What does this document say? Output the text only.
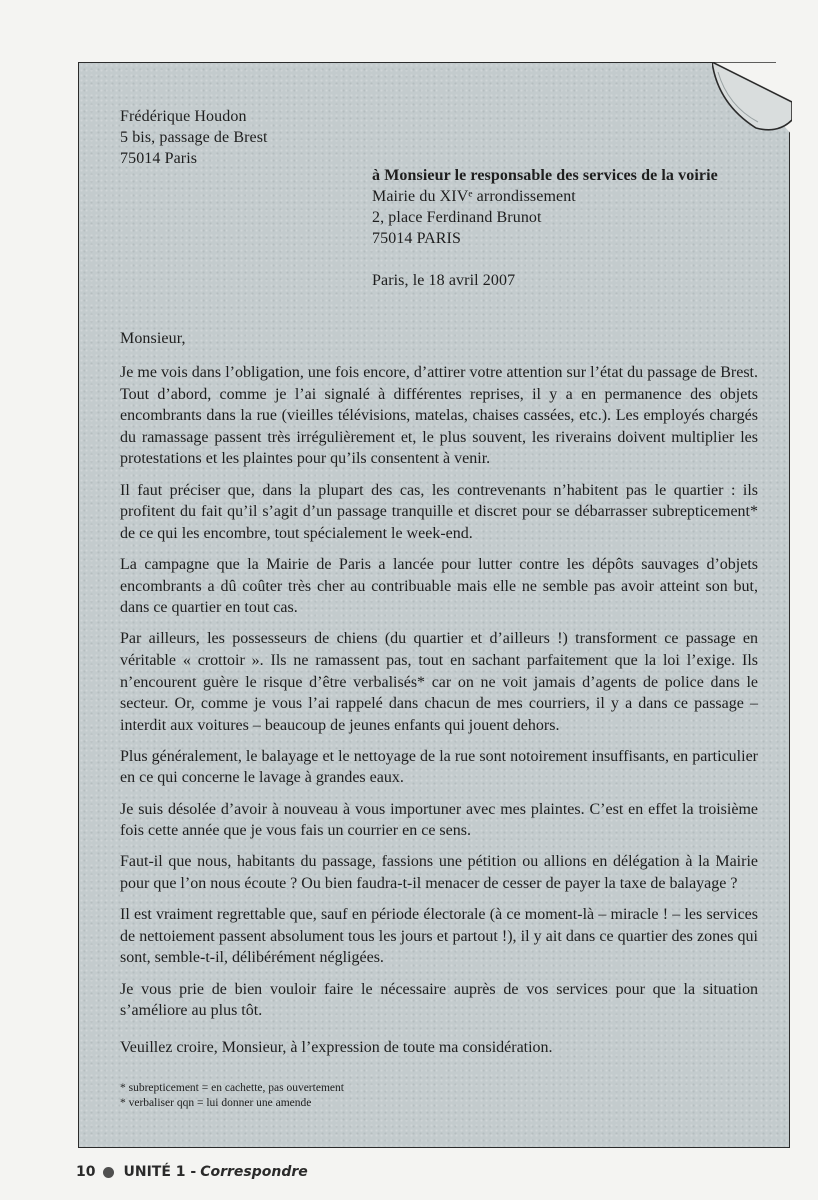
Frédérique Houdon
5 bis, passage de Brest
75014 Paris
à Monsieur le responsable des services de la voirie
Mairie du XIVᵉ arrondissement
2, place Ferdinand Brunot
75014 PARIS
Paris, le 18 avril 2007
Monsieur,

Je me vois dans l’obligation, une fois encore, d’attirer votre attention sur l’état du passage de Brest. Tout d’abord, comme je l’ai signalé à différentes reprises, il y a en permanence des objets encombrants dans la rue (vieilles télévisions, matelas, chaises cassées, etc.). Les employés chargés du ramassage passent très irrégulièrement et, le plus souvent, les riverains doivent multiplier les protestations et les plaintes pour qu’ils consentent à venir.

Il faut préciser que, dans la plupart des cas, les contrevenants n’habitent pas le quartier : ils profitent du fait qu’il s’agit d’un passage tranquille et discret pour se débarrasser subrepticement* de ce qui les encombre, tout spécialement le week-end.

La campagne que la Mairie de Paris a lancée pour lutter contre les dépôts sauvages d’objets encombrants a dû coûter très cher au contribuable mais elle ne semble pas avoir atteint son but, dans ce quartier en tout cas.

Par ailleurs, les possesseurs de chiens (du quartier et d’ailleurs !) transforment ce passage en véritable « crottoir ». Ils ne ramassent pas, tout en sachant parfaitement que la loi l’exige. Ils n’encourent guère le risque d’être verbalisés* car on ne voit jamais d’agents de police dans le secteur. Or, comme je vous l’ai rappelé dans chacun de mes courriers, il y a dans ce passage – interdit aux voitures – beaucoup de jeunes enfants qui jouent dehors.

Plus généralement, le balayage et le nettoyage de la rue sont notoirement insuffisants, en particulier en ce qui concerne le lavage à grandes eaux.

Je suis désolée d’avoir à nouveau à vous importuner avec mes plaintes. C’est en effet la troisième fois cette année que je vous fais un courrier en ce sens.

Faut-il que nous, habitants du passage, fassions une pétition ou allions en délégation à la Mairie pour que l’on nous écoute ? Ou bien faudra-t-il menacer de cesser de payer la taxe de balayage ?

Il est vraiment regrettable que, sauf en période électorale (à ce moment-là – miracle ! – les services de nettoiement passent absolument tous les jours et partout !), il y ait dans ce quartier des zones qui sont, semble-t-il, délibérément négligées.

Je vous prie de bien vouloir faire le nécessaire auprès de vos services pour que la situation s’améliore au plus tôt.

Veuillez croire, Monsieur, à l’expression de toute ma considération.

* subrepticement = en cachette, pas ouvertement
* verbaliser qqn = lui donner une amende
10 UNITÉ 1 - Correspondre
